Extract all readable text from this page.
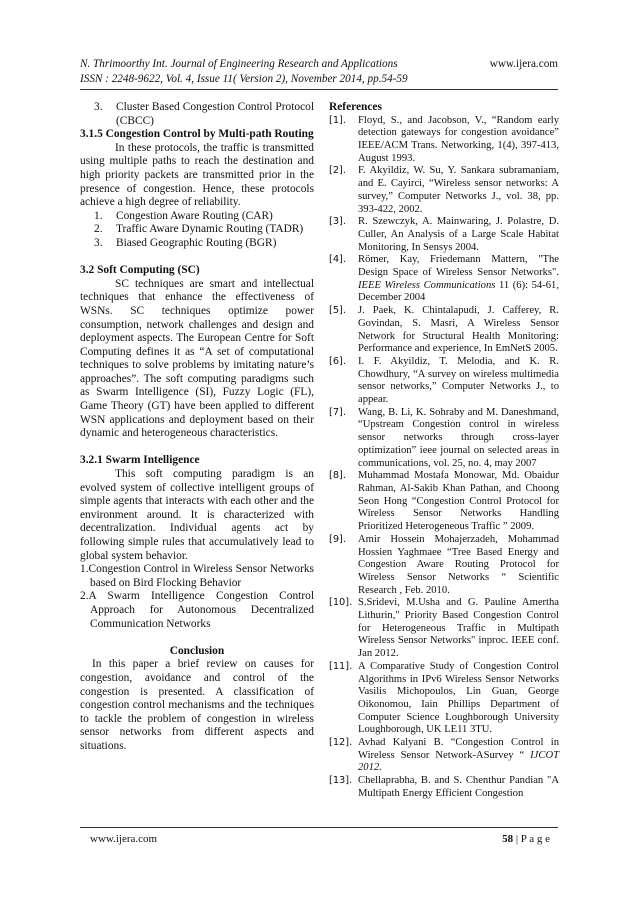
N. Thrimoorthy Int. Journal of Engineering Research and Applications	www.ijera.com
ISSN : 2248-9622, Vol. 4, Issue 11( Version 2), November 2014, pp.54-59
3.	Cluster Based Congestion Control Protocol (CBCC)

3.1.5 Congestion Control by Multi-path Routing

In these protocols, the traffic is transmitted using multiple paths to reach the destination and high priority packets are transmitted prior in the presence of congestion. Hence, these protocols achieve a high degree of reliability.
1.	Congestion Aware Routing (CAR)
2.	Traffic Aware Dynamic Routing (TADR)
3.	Biased Geographic Routing (BGR)

3.2 Soft Computing (SC)

SC techniques are smart and intellectual techniques that enhance the effectiveness of WSNs. SC techniques optimize power consumption, network challenges and design and deployment aspects. The European Centre for Soft Computing defines it as “A set of computational techniques to solve problems by imitating nature’s approaches”. The soft computing paradigms such as Swarm Intelligence (SI), Fuzzy Logic (FL), Game Theory (GT) have been applied to different WSN applications and deployment based on their dynamic and heterogeneous characteristics.

3.2.1 Swarm Intelligence

This soft computing paradigm is an evolved system of collective intelligent groups of simple agents that interacts with each other and the environment around. It is characterized with decentralization. Individual agents act by following simple rules that accumulatively lead to global system behavior.
1.Congestion Control in Wireless Sensor Networks based on Bird Flocking Behavior
2.A Swarm Intelligence Congestion Control Approach for Autonomous Decentralized Communication Networks

Conclusion

In this paper a brief review on causes for congestion, avoidance and control of the congestion is presented. A classification of congestion control mechanisms and the techniques to tackle the problem of congestion in wireless sensor networks from different aspects and situations.

References

[1].	Floyd, S., and Jacobson, V., “Random early detection gateways for congestion avoidance” IEEE/ACM Trans. Networking, 1(4), 397-413, August 1993.
[2].	F. Akyildiz, W. Su, Y. Sankara subramaniam, and E. Cayirci, “Wireless sensor networks: A survey,” Computer Networks J., vol. 38, pp. 393-422, 2002.
[3].	R. Szewczyk, A. Mainwaring, J. Polastre, D. Culler, An Analysis of a Large Scale Habitat Monitoring, In Sensys 2004.
[4].	Römer, Kay, Friedemann Mattern, "The Design Space of Wireless Sensor Networks". IEEE Wireless Communications 11 (6): 54-61, December 2004
[5].	J. Paek, K. Chintalapudi, J. Cafferey, R. Govindan, S. Masri, A Wireless Sensor Network for Structural Health Monitoring: Performance and experience, In EmNetS 2005.
[6].	I. F. Akyildiz, T. Melodia, and K. R. Chowdhury, “A survey on wireless multimedia sensor networks,” Computer Networks J., to appear.
[7].	Wang, B. Li, K. Sohraby and M. Daneshmand, “Upstream Congestion control in wireless sensor networks through cross-layer optimization” ieee journal on selected areas in communications, vol. 25, no. 4, may 2007
[8].	Muhammad Mostafa Monowar, Md. Obaidur Rahman, Al-Sakib Khan Pathan, and Choong Seon Hong “Congestion Control Protocol for Wireless Sensor Networks Handling Prioritized Heterogeneous Traffic ” 2009.
[9].	Amir Hossein Mohajerzadeh, Mohammad Hossien Yaghmaee “Tree Based Energy and Congestion Aware Routing Protocol for Wireless Sensor Networks “ Scientific Research , Feb. 2010.
[10]. S.Sridevi, M.Usha and G. Pauline Amertha Lithurin," Priority Based Congestion Control for Heterogeneous Traffic in Multipath Wireless Sensor Networks" inproc. IEEE conf. Jan 2012.
[11]. A Comparative Study of Congestion Control Algorithms in IPv6 Wireless Sensor Networks Vasilis Michopoulos, Lin Guan, George Oikonomou, Iain Phillips Department of Computer Science Loughborough University Loughborough, UK LE11 3TU.
[12]. Avhad Kalyani B. “Congestion Control in Wireless Sensor Network-ASurvey “ IJCOT 2012.
[13]. Chellaprabha, B. and S. Chenthur Pandian "A Multipath Energy Efficient Congestion
www.ijera.com	58 | P a g e
